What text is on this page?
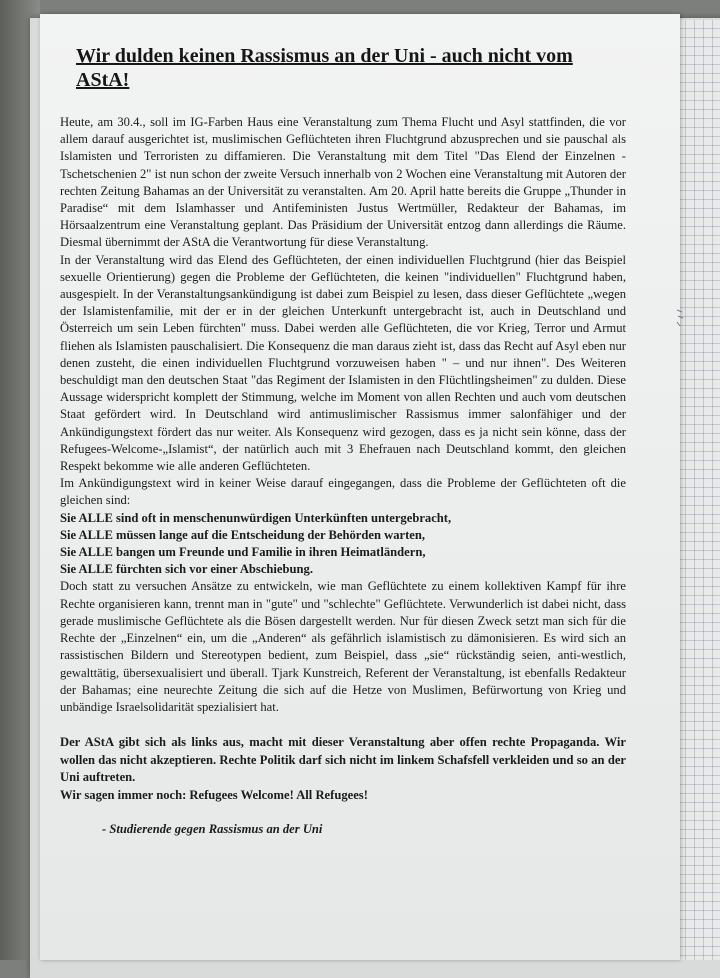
Wir dulden keinen Rassismus an der Uni - auch nicht vom AStA!

Heute, am 30.4., soll im IG-Farben Haus eine Veranstaltung zum Thema Flucht und Asyl stattfinden, die vor allem darauf ausgerichtet ist, muslimischen Geflüchteten ihren Fluchtgrund abzusprechen und sie pauschal als Islamisten und Terroristen zu diffamieren. Die Veranstaltung mit dem Titel "Das Elend der Einzelnen - Tschetschenien 2" ist nun schon der zweite Versuch innerhalb von 2 Wochen eine Veranstaltung mit Autoren der rechten Zeitung Bahamas an der Universität zu veranstalten. Am 20. April hatte bereits die Gruppe „Thunder in Paradise“ mit dem Islamhasser und Antifeministen Justus Wertmüller, Redakteur der Bahamas, im Hörsaalzentrum eine Veranstaltung geplant. Das Präsidium der Universität entzog dann allerdings die Räume. Diesmal übernimmt der AStA die Verantwortung für diese Veranstaltung.

In der Veranstaltung wird das Elend des Geflüchteten, der einen individuellen Fluchtgrund (hier das Beispiel sexuelle Orientierung) gegen die Probleme der Geflüchteten, die keinen "individuellen" Fluchtgrund haben, ausgespielt. In der Veranstaltungsankündigung ist dabei zum Beispiel zu lesen, dass dieser Geflüchtete „wegen der Islamistenfamilie, mit der er in der gleichen Unterkunft untergebracht ist, auch in Deutschland und Österreich um sein Leben fürchten" muss. Dabei werden alle Geflüchteten, die vor Krieg, Terror und Armut fliehen als Islamisten pauschalisiert. Die Konsequenz die man daraus zieht ist, dass das Recht auf Asyl eben nur denen zusteht, die einen individuellen Fluchtgrund vorzuweisen haben " – und nur ihnen". Des Weiteren beschuldigt man den deutschen Staat "das Regiment der Islamisten in den Flüchtlingsheimen" zu dulden. Diese Aussage widerspricht komplett der Stimmung, welche im Moment von allen Rechten und auch vom deutschen Staat gefördert wird. In Deutschland wird antimuslimischer Rassismus immer salonfähiger und der Ankündigungstext fördert das nur weiter. Als Konsequenz wird gezogen, dass es ja nicht sein könne, dass der Refugees-Welcome-„Islamist“, der natürlich auch mit 3 Ehefrauen nach Deutschland kommt, den gleichen Respekt bekomme wie alle anderen Geflüchteten.

Im Ankündigungstext wird in keiner Weise darauf eingegangen, dass die Probleme der Geflüchteten oft die gleichen sind:

Sie ALLE sind oft in menschenunwürdigen Unterkünften untergebracht,

Sie ALLE müssen lange auf die Entscheidung der Behörden warten,

Sie ALLE bangen um Freunde und Familie in ihren Heimatländern,

Sie ALLE fürchten sich vor einer Abschiebung.

Doch statt zu versuchen Ansätze zu entwickeln, wie man Geflüchtete zu einem kollektiven Kampf für ihre Rechte organisieren kann, trennt man in "gute" und "schlechte" Geflüchtete. Verwunderlich ist dabei nicht, dass gerade muslimische Geflüchtete als die Bösen dargestellt werden. Nur für diesen Zweck setzt man sich für die Rechte der „Einzelnen“ ein, um die „Anderen“ als gefährlich islamistisch zu dämonisieren. Es wird sich an rassistischen Bildern und Stereotypen bedient, zum Beispiel, dass „sie“ rückständig seien, anti-westlich, gewalttätig, übersexualisiert und überall. Tjark Kunstreich, Referent der Veranstaltung, ist ebenfalls Redakteur der Bahamas; eine neurechte Zeitung die sich auf die Hetze von Muslimen, Befürwortung von Krieg und unbändige Israelsolidarität spezialisiert hat.

Der AStA gibt sich als links aus, macht mit dieser Veranstaltung aber offen rechte Propaganda. Wir wollen das nicht akzeptieren. Rechte Politik darf sich nicht im linkem Schafsfell verkleiden und so an der Uni auftreten.

Wir sagen immer noch: Refugees Welcome! All Refugees!

- Studierende gegen Rassismus an der Uni
